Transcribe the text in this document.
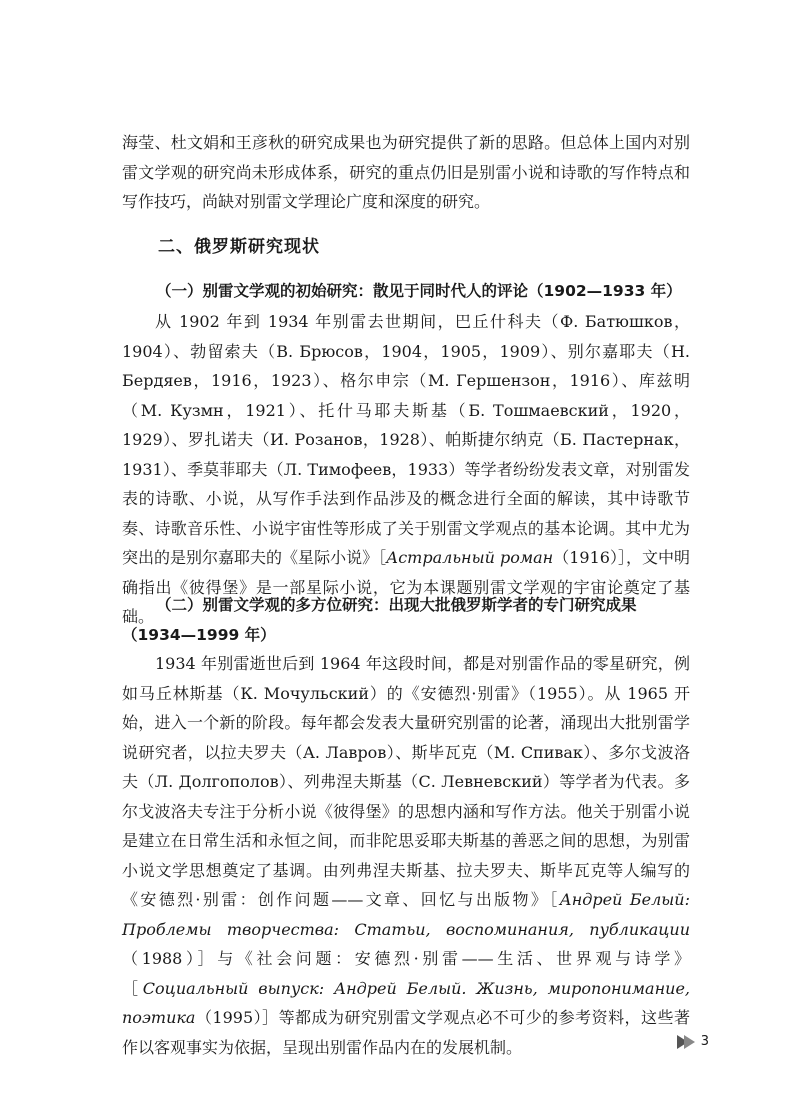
海莹、杜文娟和王彦秋的研究成果也为研究提供了新的思路。但总体上国内对别雷文学观的研究尚未形成体系，研究的重点仍旧是别雷小说和诗歌的写作特点和写作技巧，尚缺对别雷文学理论广度和深度的研究。

二、俄罗斯研究现状
（一）别雷文学观的初始研究：散见于同时代人的评论（1902—1933 年）

从 1902 年到 1934 年别雷去世期间，巴丘什科夫（Ф. Батюшков，1904）、勃留索夫（В. Брюсов，1904，1905，1909）、别尔嘉耶夫（Н. Бердяев，1916，1923）、格尔申宗（М. Гершензон，1916）、库兹明（М. Кузмн，1921）、托什马耶夫斯基（Б. Тошмаевский，1920，1929）、罗扎诺夫（И. Розанов，1928）、帕斯捷尔纳克（Б. Пастернак，1931）、季莫菲耶夫（Л. Тимофеев，1933）等学者纷纷发表文章，对别雷发表的诗歌、小说，从写作手法到作品涉及的概念进行全面的解读，其中诗歌节奏、诗歌音乐性、小说宇宙性等形成了关于别雷文学观点的基本论调。其中尤为突出的是别尔嘉耶夫的《星际小说》［Астральный роман（1916）］，文中明确指出《彼得堡》是一部星际小说，它为本课题别雷文学观的宇宙论奠定了基础。

（二）别雷文学观的多方位研究：出现大批俄罗斯学者的专门研究成果（1934—1999 年）

1934 年别雷逝世后到 1964 年这段时间，都是对别雷作品的零星研究，例如马丘林斯基（К. Мочульский）的《安德烈·别雷》（1955）。从 1965 开始，进入一个新的阶段。每年都会发表大量研究别雷的论著，涌现出大批别雷学说研究者，以拉夫罗夫（А. Лавров）、斯毕瓦克（М. Спивак）、多尔戈波洛夫（Л. Долгополов）、列弗涅夫斯基（С. Левневский）等学者为代表。多尔戈波洛夫专注于分析小说《彼得堡》的思想内涵和写作方法。他关于别雷小说是建立在日常生活和永恒之间，而非陀思妥耶夫斯基的善恶之间的思想，为别雷小说文学思想奠定了基调。由列弗涅夫斯基、拉夫罗夫、斯毕瓦克等人编写的《安德烈·别雷：创作问题——文章、回忆与出版物》［Андрей Белый: Проблемы творчества: Статьи, воспоминания, публикации（1988）］与《社会问题：安德烈·别雷——生活、世界观与诗学》［Социальный выпуск: Андрей Белый. Жизнь, миропонимание, поэтика（1995）］等都成为研究别雷文学观点必不可少的参考资料，这些著作以客观事实为依据，呈现出别雷作品内在的发展机制。	3
